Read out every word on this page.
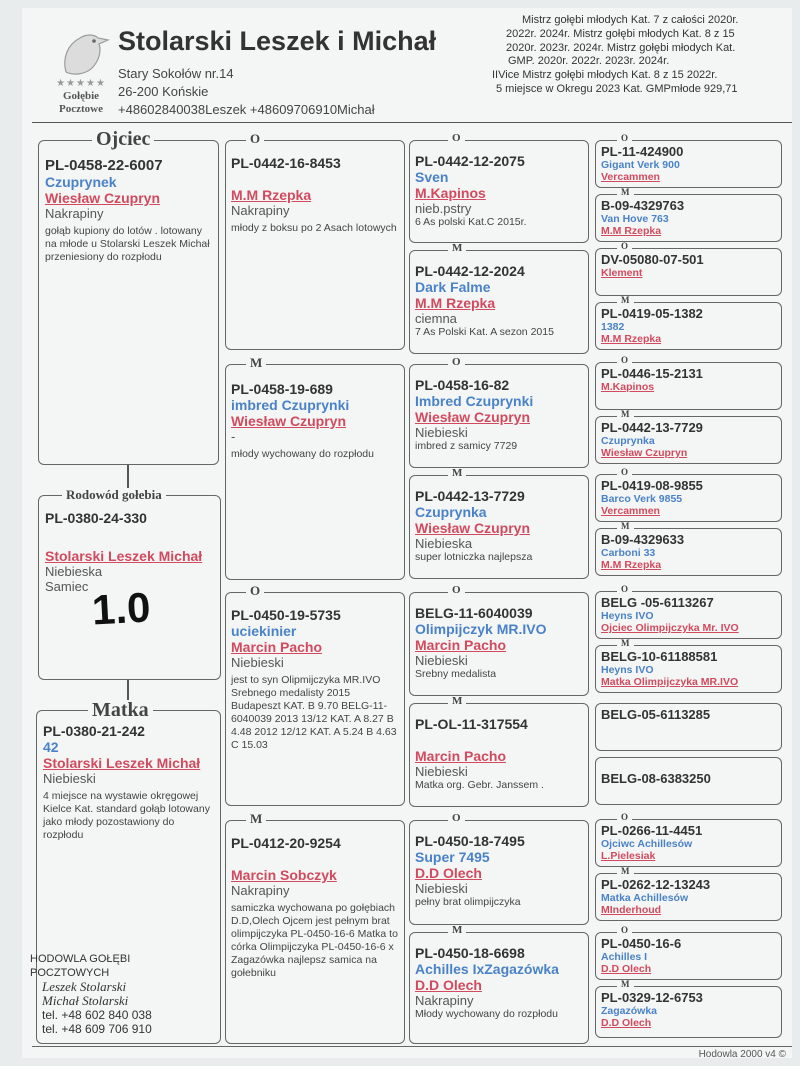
★★★★★
Gołębie
Pocztowe
Stolarski Leszek i Michał
Stary Sokołów nr.14
26-200 Końskie
+48602840038Leszek +48609706910Michał
Mistrz gołębi młodych Kat. 7 z całości 2020r.
2022r. 2024r. Mistrz gołębi młodych Kat. 8 z 15
2020r. 2023r. 2024r. Mistrz gołębi młodych Kat.
GMP. 2020r. 2022r. 2023r. 2024r.
IIVice Mistrz gołębi młodych Kat. 8 z 15 2022r.
5 miejsce w Okregu 2023 Kat. GMPmłode 929,71
PL-0458-22-6007
Czuprynek
Wiesław Czupryn
Nakrapiny
gołąb kupiony do lotów . lotowany na młode u Stolarski Leszek Michał przeniesiony do rozpłodu
Ojciec
PL-0380-24-330
Stolarski Leszek Michał
Niebieska
Samiec
Rodowód gołebia
1.0
PL-0380-21-242
42
Stolarski Leszek Michał
Niebieski
4 miejsce na wystawie okręgowej Kielce Kat. standard gołąb lotowany jako młody pozostawiony do rozpłodu
Matka
PL-0442-16-8453
M.M Rzepka
Nakrapiny
młody z boksu po 2 Asach lotowych
O
PL-0458-19-689
imbred Czuprynki
Wiesław Czupryn
-
młody wychowany do rozpłodu
M
PL-0450-19-5735
uciekinier
Marcin Pacho
Niebieski
jest to syn Olipmijczyka MR.IVO Srebnego medalisty 2015 Budapeszt KAT. B 9.70 BELG-11-6040039 2013 13/12 KAT. A 8.27 B 4.48 2012 12/12 KAT. A 5.24 B 4.63 C 15.03
O
PL-0412-20-9254
Marcin Sobczyk
Nakrapiny
samiczka wychowana po gołębiach D.D,Olech Ojcem jest pełnym brat olimpijczyka PL-0450-16-6 Matka to córka Olimpijczyka PL-0450-16-6 x Zagazówka najlepsz samica na gołebniku
M
PL-0442-12-2075
Sven
M.Kapinos
nieb.pstry
6 As polski Kat.C 2015r.
O
PL-0442-12-2024
Dark Falme
M.M Rzepka
ciemna
7 As Polski Kat. A sezon 2015
M
PL-0458-16-82
Imbred Czuprynki
Wiesław Czupryn
Niebieski
imbred z samicy 7729
O
PL-0442-13-7729
Czuprynka
Wiesław Czupryn
Niebieska
super lotniczka najlepsza
M
BELG-11-6040039
Olimpijczyk MR.IVO
Marcin Pacho
Niebieski
Srebny medalista
O
PL-OL-11-317554
Marcin Pacho
Niebieski
Matka org. Gebr. Janssem .
M
PL-0450-18-7495
Super 7495
D.D Olech
Niebieski
pełny brat olimpijczyka
O
PL-0450-18-6698
Achilles IxZagazówka
D.D Olech
Nakrapiny
Młody wychowany do rozpłodu
M
PL-11-424900
Gigant Verk 900
Vercammen
O
B-09-4329763
Van Hove 763
M.M Rzepka
M
DV-05080-07-501
Klement
O
PL-0419-05-1382
1382
M.M Rzepka
M
PL-0446-15-2131
M.Kapinos
O
PL-0442-13-7729
Czuprynka
Wiesław Czupryn
M
PL-0419-08-9855
Barco Verk 9855
Vercammen
O
B-09-4329633
Carboni 33
M.M Rzepka
M
BELG -05-6113267
Heyns IVO
Ojciec Olimpijczyka Mr. IVO
O
BELG-10-61188581
Heyns IVO
Matka Olimpijczyka MR.IVO
M
BELG-05-6113285
BELG-08-6383250
PL-0266-11-4451
Ojciwc Achillesów
L.Pielesiak
O
PL-0262-12-13243
Matka Achillesów
MInderhoud
M
PL-0450-16-6
Achilles I
D.D Olech
O
PL-0329-12-6753
Zagazówka
D.D Olech
M
HODOWLA GOŁĘBI POCZTOWYCH
Leszek Stolarski
Michał Stolarski
tel. +48 602 840 038
tel. +48 609 706 910
Hodowla 2000 v4 ©
